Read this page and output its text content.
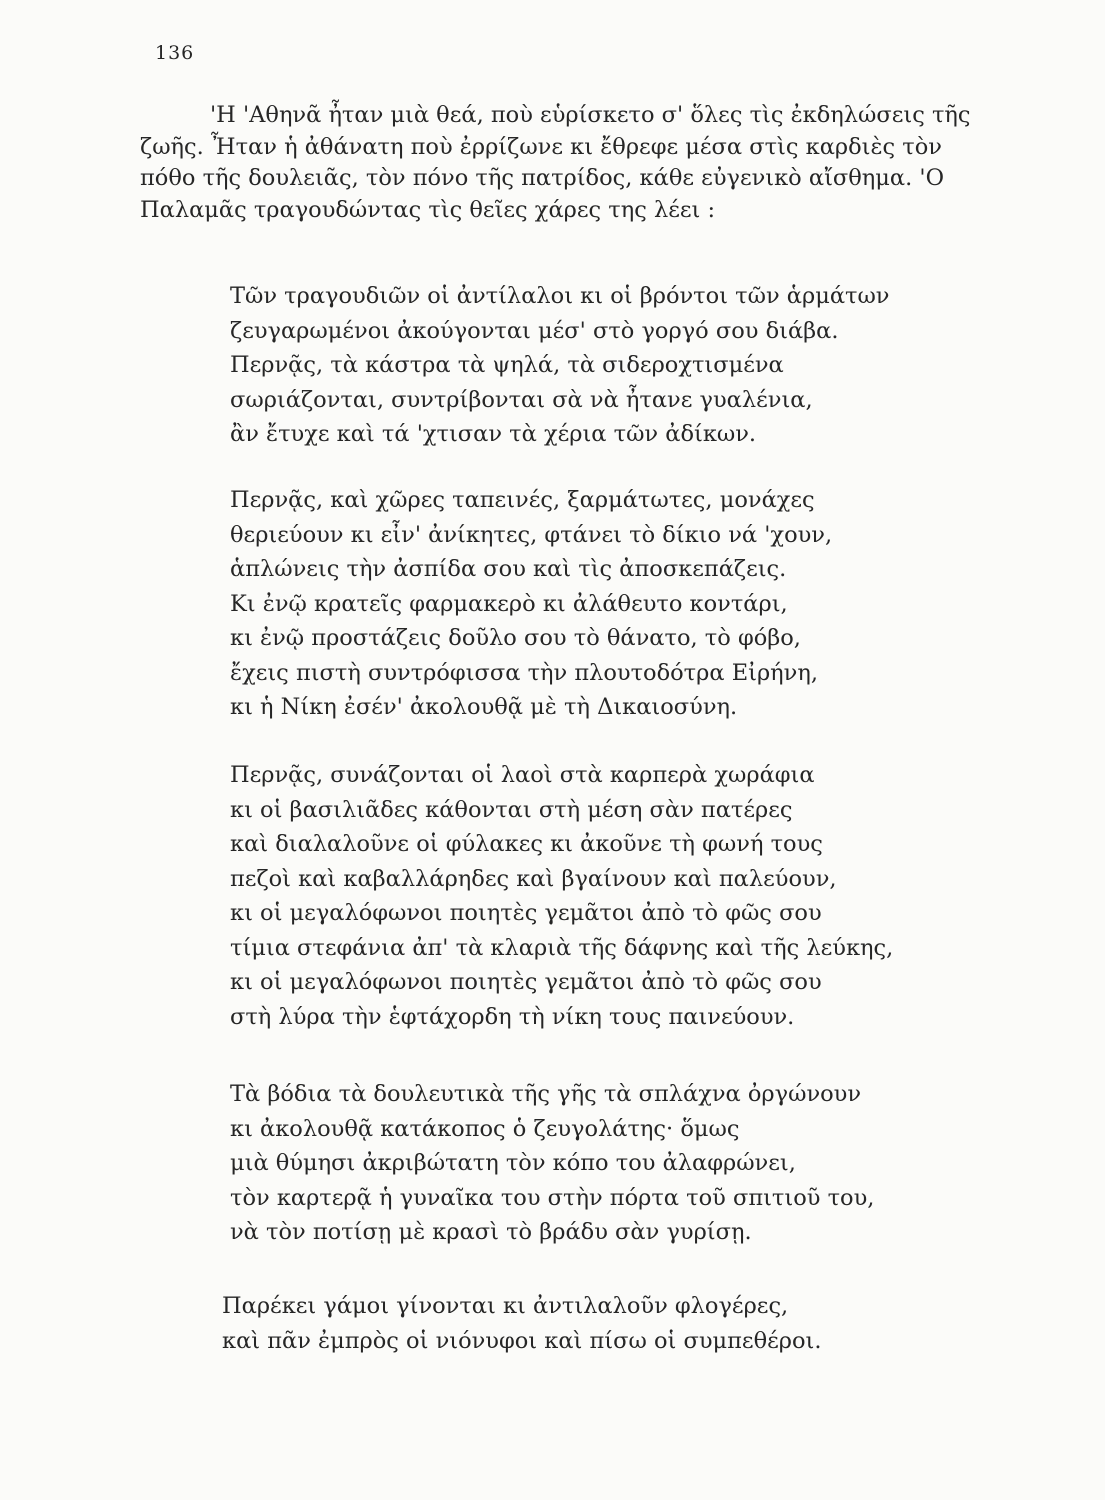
136
'Η 'Αθηνᾶ ἦταν μιὰ θεά, ποὺ εὑρίσκετο σ' ὅλες τὶς ἐκδηλώσεις τῆς
ζωῆς. Ἦταν ἡ ἀθάνατη ποὺ ἐρρίζωνε κι ἔθρεφε μέσα στὶς καρδιὲς τὸν
πόθο τῆς δουλειᾶς, τὸν πόνο τῆς πατρίδος, κάθε εὐγενικὸ αἴσθημα. 'Ο
Παλαμᾶς τραγουδώντας τὶς θεῖες χάρες της λέει :
Τῶν τραγουδιῶν οἱ ἀντίλαλοι κι οἱ βρόντοι τῶν ἁρμάτων
ζευγαρωμένοι ἀκούγονται μέσ' στὸ γοργό σου διάβα.
Περνᾷς, τὰ κάστρα τὰ ψηλά, τὰ σιδεροχτισμένα
σωριάζονται, συντρίβονται σὰ νὰ ἦτανε γυαλένια,
ἂν ἔτυχε καὶ τά 'χτισαν τὰ χέρια τῶν ἀδίκων.
Περνᾷς, καὶ χῶρες ταπεινές, ξαρμάτωτες, μονάχες
θεριεύουν κι εἶν' ἀνίκητες, φτάνει τὸ δίκιο νά 'χουν,
ἁπλώνεις τὴν ἀσπίδα σου καὶ τὶς ἀποσκεπάζεις.
Κι ἐνῷ κρατεῖς φαρμακερὸ κι ἀλάθευτο κοντάρι,
κι ἐνῷ προστάζεις δοῦλο σου τὸ θάνατο, τὸ φόβο,
ἔχεις πιστὴ συντρόφισσα τὴν πλουτοδότρα Εἰρήνη,
κι ἡ Νίκη ἐσέν' ἀκολουθᾷ μὲ τὴ Δικαιοσύνη.
Περνᾷς, συνάζονται οἱ λαοὶ στὰ καρπερὰ χωράφια
κι οἱ βασιλιᾶδες κάθονται στὴ μέση σὰν πατέρες
καὶ διαλαλοῦνε οἱ φύλακες κι ἀκοῦνε τὴ φωνή τους
πεζοὶ καὶ καβαλλάρηδες καὶ βγαίνουν καὶ παλεύουν,
κι οἱ μεγαλόφωνοι ποιητὲς γεμᾶτοι ἀπὸ τὸ φῶς σου
τίμια στεφάνια ἀπ' τὰ κλαριὰ τῆς δάφνης καὶ τῆς λεύκης,
κι οἱ μεγαλόφωνοι ποιητὲς γεμᾶτοι ἀπὸ τὸ φῶς σου
στὴ λύρα τὴν ἑφτάχορδη τὴ νίκη τους παινεύουν.
Τὰ βόδια τὰ δουλευτικὰ τῆς γῆς τὰ σπλάχνα ὀργώνουν
κι ἀκολουθᾷ κατάκοπος ὁ ζευγολάτης· ὅμως
μιὰ θύμησι ἀκριβώτατη τὸν κόπο του ἀλαφρώνει,
τὸν καρτερᾷ ἡ γυναῖκα του στὴν πόρτα τοῦ σπιτιοῦ του,
νὰ τὸν ποτίσῃ μὲ κρασὶ τὸ βράδυ σὰν γυρίσῃ.
Παρέκει γάμοι γίνονται κι ἀντιλαλοῦν φλογέρες,
καὶ πᾶν ἐμπρὸς οἱ νιόνυφοι καὶ πίσω οἱ συμπεθέροι.
